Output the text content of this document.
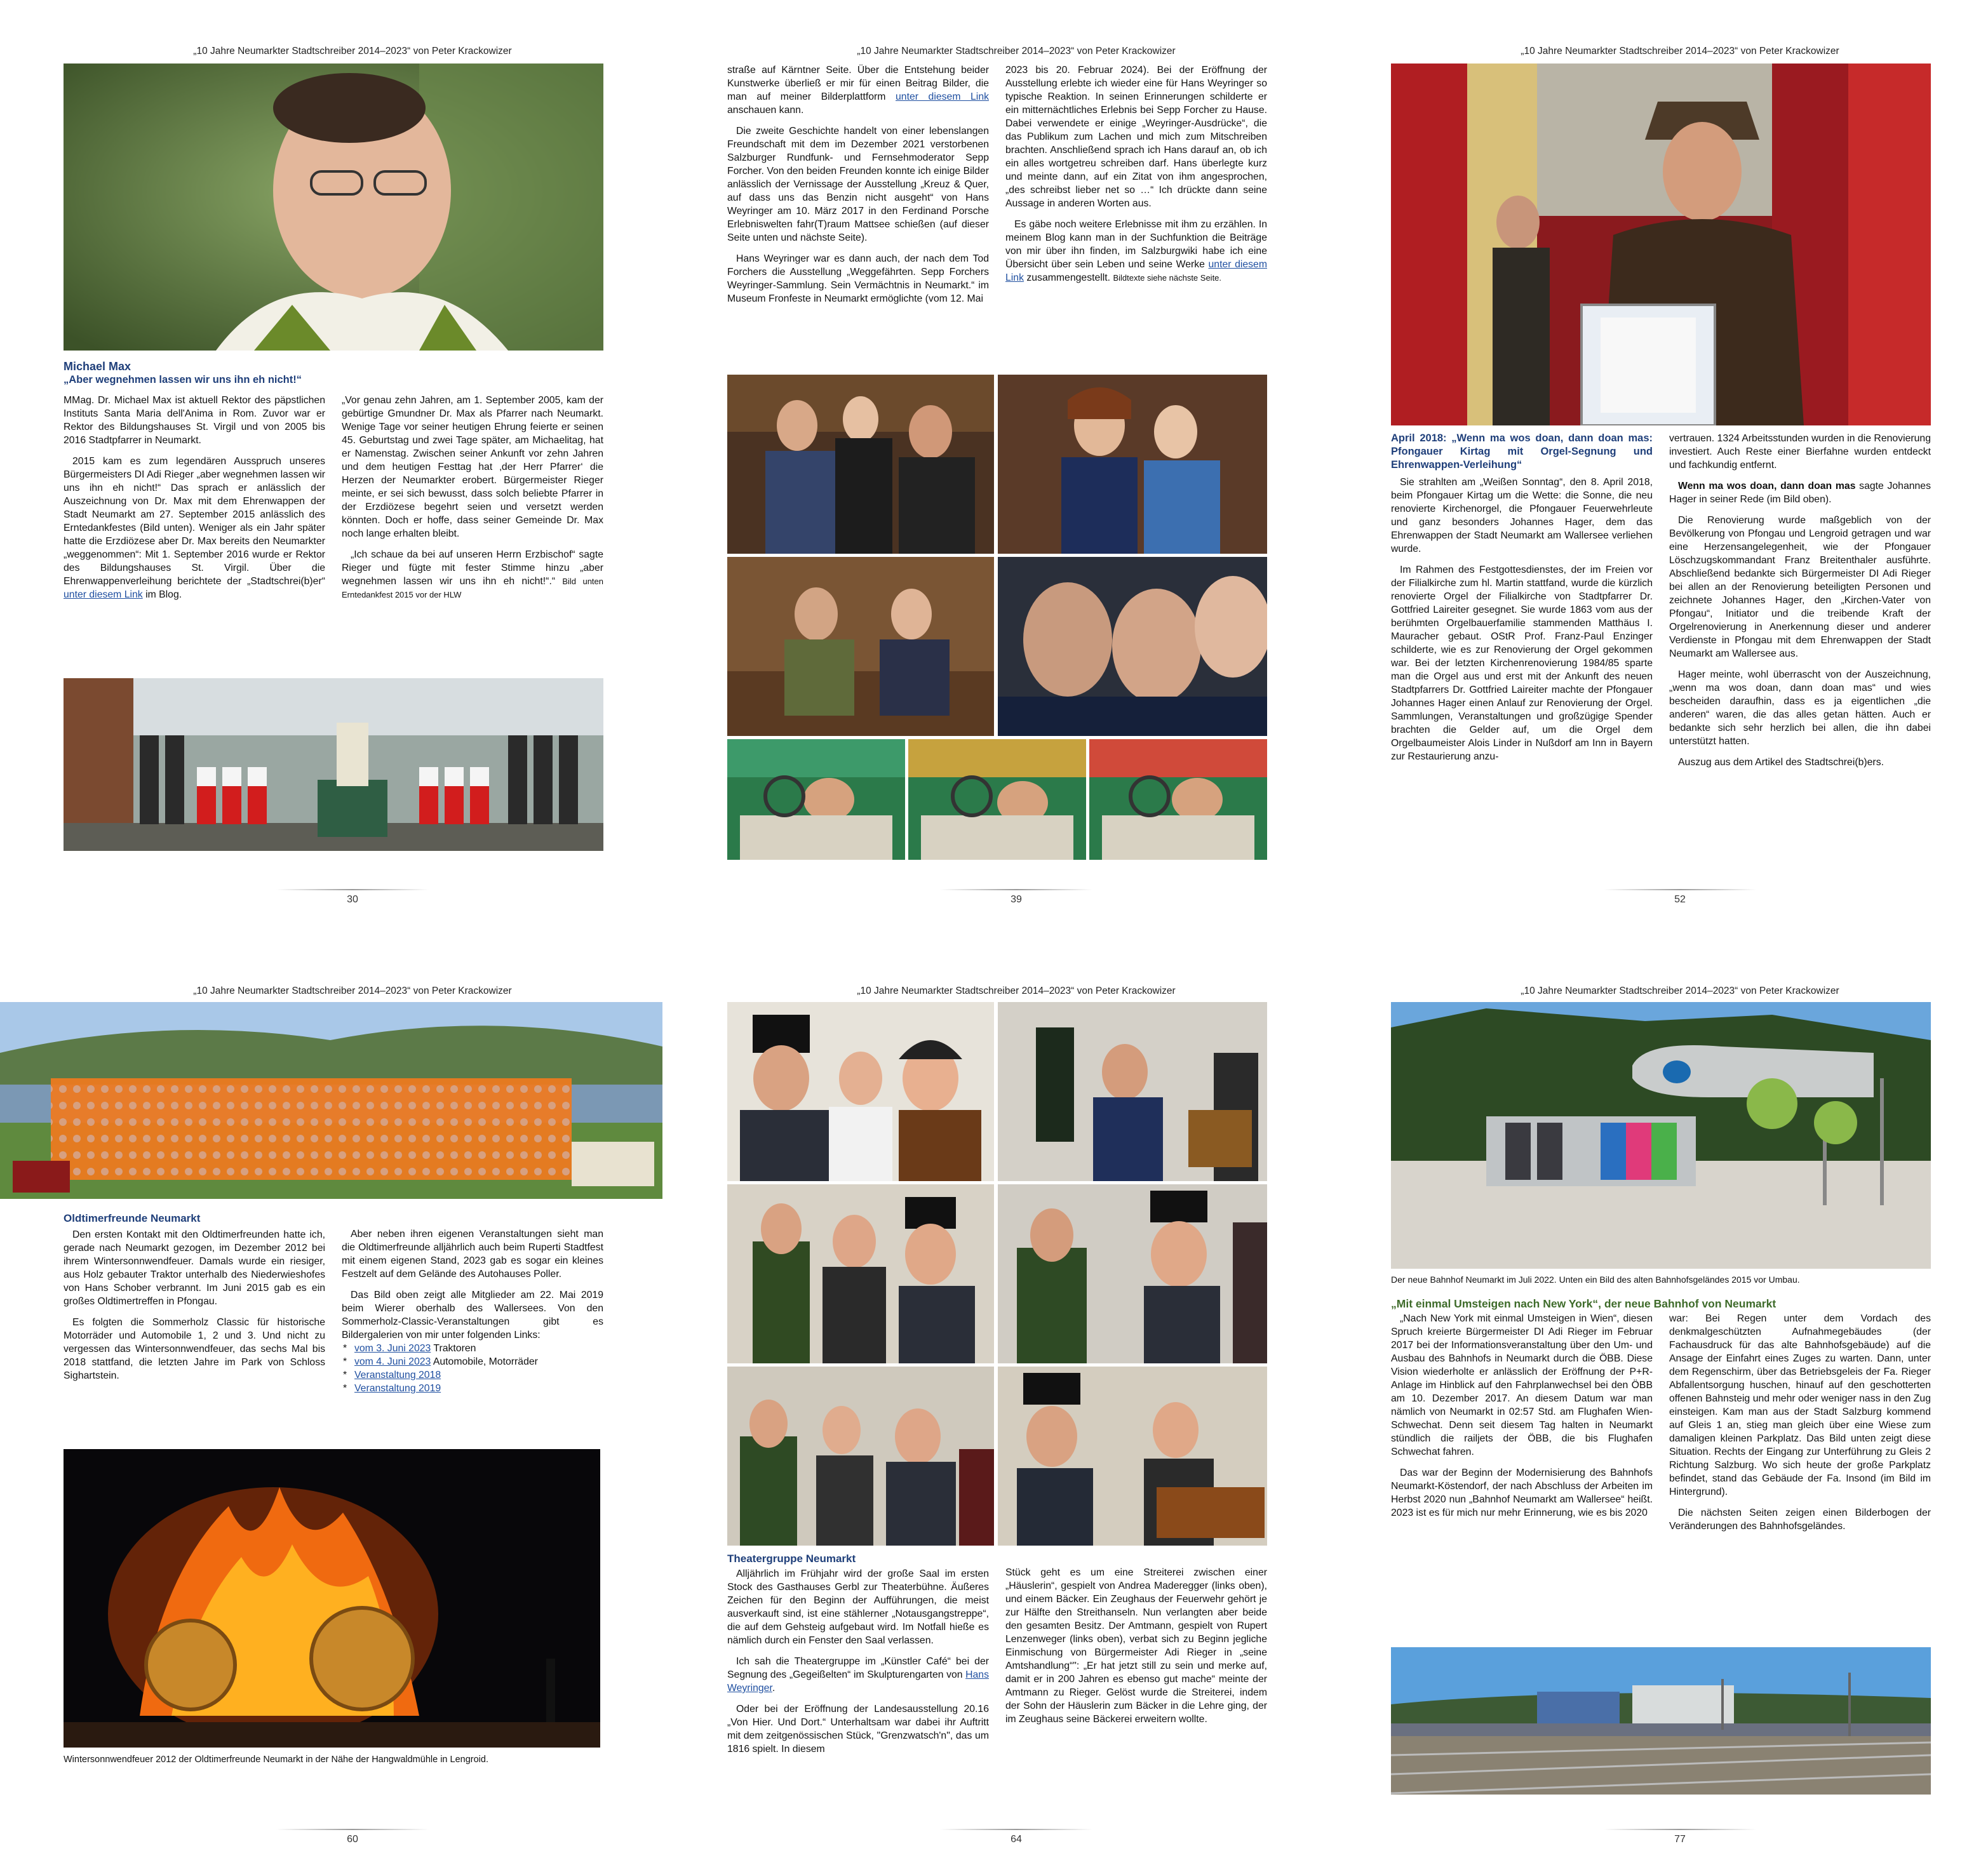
„10 Jahre Neumarkter Stadtschreiber 2014–2023“ von Peter Krackowizer
Michael Max
„Aber wegnehmen lassen wir uns ihn eh nicht!“

MMag. Dr. Michael Max ist aktuell Rektor des päpstlichen Instituts Santa Maria dell'Anima in Rom. Zuvor war er Rektor des Bildungshauses St. Virgil und von 2005 bis 2016 Stadtpfarrer in Neumarkt.

2015 kam es zum legendären Ausspruch unseres Bürgermeisters DI Adi Rieger „aber wegnehmen lassen wir uns ihn eh nicht!“ Das sprach er anlässlich der Auszeichnung von Dr. Max mit dem Ehrenwappen der Stadt Neumarkt am 27. September 2015 anlässlich des Erntedankfestes (Bild unten). Weniger als ein Jahr später hatte die Erzdiözese aber Dr. Max bereits den Neumarkter „weggenommen“: Mit 1. September 2016 wurde er Rektor des Bildungshauses St. Virgil. Über die Ehrenwappenverleihung berichtete der „Stadtschrei(b)er“ unter diesem Link im Blog.

„Vor genau zehn Jahren, am 1. September 2005, kam der gebürtige Gmundner Dr. Max als Pfarrer nach Neumarkt. Wenige Tage vor seiner heutigen Ehrung feierte er seinen 45. Geburtstag und zwei Tage später, am Michaelitag, hat er Namenstag. Zwischen seiner Ankunft vor zehn Jahren und dem heutigen Festtag hat ‚der Herr Pfarrer‘ die Herzen der Neumarkter erobert. Bürgermeister Rieger meinte, er sei sich bewusst, dass solch beliebte Pfarrer in der Erzdiözese begehrt seien und versetzt werden könnten. Doch er hoffe, dass seiner Gemeinde Dr. Max noch lange erhalten bleibt.

„Ich schaue da bei auf unseren Herrn Erzbischof“ sagte Rieger und fügte mit fester Stimme hinzu „aber wegnehmen lassen wir uns ihn eh nicht!“.“ Bild unten Erntedankfest 2015 vor der HLW

30
„10 Jahre Neumarkter Stadtschreiber 2014–2023“ von Peter Krackowizer

straße auf Kärntner Seite. Über die Entstehung beider Kunstwerke überließ er mir für einen Beitrag Bilder, die man auf meiner Bilderplattform unter diesem Link anschauen kann.

Die zweite Geschichte handelt von einer lebenslangen Freundschaft mit dem im Dezember 2021 verstorbenen Salzburger Rundfunk- und Fernsehmoderator Sepp Forcher. Von den beiden Freunden konnte ich einige Bilder anlässlich der Vernissage der Ausstellung „Kreuz & Quer, auf dass uns das Benzin nicht ausgeht“ von Hans Weyringer am 10. März 2017 in den Ferdinand Porsche Erlebniswelten fahr(T)raum Mattsee schießen (auf dieser Seite unten und nächste Seite).

Hans Weyringer war es dann auch, der nach dem Tod Forchers die Ausstellung „Weggefährten. Sepp Forchers Weyringer-Sammlung. Sein Vermächtnis in Neumarkt.“ im Museum Fronfeste in Neumarkt ermöglichte (vom 12. Mai

2023 bis 20. Februar 2024). Bei der Eröffnung der Ausstellung erlebte ich wieder eine für Hans Weyringer so typische Reaktion. In seinen Erinnerungen schilderte er ein mitternächtliches Erlebnis bei Sepp Forcher zu Hause. Dabei verwendete er einige „Weyringer-Ausdrücke“, die das Publikum zum Lachen und mich zum Mitschreiben brachten. Anschließend sprach ich Hans darauf an, ob ich ein alles wortgetreu schreiben darf. Hans überlegte kurz und meinte dann, auf ein Zitat von ihm angesprochen, „des schreibst lieber net so …“ Ich drückte dann seine Aussage in anderen Worten aus.

Es gäbe noch weitere Erlebnisse mit ihm zu erzählen. In meinem Blog kann man in der Suchfunktion die Beiträge von mir über ihn finden, im Salzburgwiki habe ich eine Übersicht über sein Leben und seine Werke unter diesem Link zusammengestellt. Bildtexte siehe nächste Seite.

39
„10 Jahre Neumarkter Stadtschreiber 2014–2023“ von Peter Krackowizer
April 2018: „Wenn ma wos doan, dann doan mas: Pfongauer Kirtag mit Orgel-Segnung und Ehrenwappen-Verleihung“

Sie strahlten am „Weißen Sonntag“, den 8. April 2018, beim Pfongauer Kirtag um die Wette: die Sonne, die neu renovierte Kirchenorgel, die Pfongauer Feuerwehrleute und ganz besonders Johannes Hager, dem das Ehrenwappen der Stadt Neumarkt am Wallersee verliehen wurde.

Im Rahmen des Festgottesdienstes, der im Freien vor der Filialkirche zum hl. Martin stattfand, wurde die kürzlich renovierte Orgel der Filialkirche von Stadtpfarrer Dr. Gottfried Laireiter gesegnet. Sie wurde 1863 vom aus der berühmten Orgelbauerfamilie stammenden Matthäus I. Mauracher gebaut. OStR Prof. Franz-Paul Enzinger schilderte, wie es zur Renovierung der Orgel gekommen war. Bei der letzten Kirchenrenovierung 1984/85 sparte man die Orgel aus und erst mit der Ankunft des neuen Stadtpfarrers Dr. Gottfried Laireiter machte der Pfongauer Johannes Hager einen Anlauf zur Renovierung der Orgel. Sammlungen, Veranstaltungen und großzügige Spender brachten die Gelder auf, um die Orgel dem Orgelbaumeister Alois Linder in Nußdorf am Inn in Bayern zur Restaurierung anzu-

vertrauen. 1324 Arbeitsstunden wurden in die Renovierung investiert. Auch Reste einer Bierfahne wurden entdeckt und fachkundig entfernt.

Wenn ma wos doan, dann doan mas sagte Johannes Hager in seiner Rede (im Bild oben).

Die Renovierung wurde maßgeblich von der Bevölkerung von Pfongau und Lengroid getragen und war eine Herzensangelegenheit, wie der Pfongauer Löschzugskommandant Franz Breitenthaler ausführte. Abschließend bedankte sich Bürgermeister DI Adi Rieger bei allen an der Renovierung beteiligten Personen und zeichnete Johannes Hager, den „Kirchen-Vater von Pfongau“, Initiator und die treibende Kraft der Orgelrenovierung in Anerkennung dieser und anderer Verdienste in Pfongau mit dem Ehrenwappen der Stadt Neumarkt am Wallersee aus.

Hager meinte, wohl überrascht von der Auszeichnung, „wenn ma wos doan, dann doan mas“ und wies bescheiden daraufhin, dass es ja eigentlichen „die anderen“ waren, die das alles getan hätten. Auch er bedankte sich sehr herzlich bei allen, die ihn dabei unterstützt hatten.

Auszug aus dem Artikel des Stadtschrei(b)ers.

52
„10 Jahre Neumarkter Stadtschreiber 2014–2023“ von Peter Krackowizer
Oldtimerfreunde Neumarkt

Den ersten Kontakt mit den Oldtimerfreunden hatte ich, gerade nach Neumarkt gezogen, im Dezember 2012 bei ihrem Wintersonnwendfeuer. Damals wurde ein riesiger, aus Holz gebauter Traktor unterhalb des Niederwieshofes von Hans Schober verbrannt. Im Juni 2015 gab es ein großes Oldtimertreffen in Pfongau.

Es folgten die Sommerholz Classic für historische Motorräder und Automobile 1, 2 und 3. Und nicht zu vergessen das Wintersonnwendfeuer, das sechs Mal bis 2018 stattfand, die letzten Jahre im Park von Schloss Sighartstein.

Aber neben ihren eigenen Veranstaltungen sieht man die Oldtimerfreunde alljährlich auch beim Ruperti Stadtfest mit einem eigenen Stand, 2023 gab es sogar ein kleines Festzelt auf dem Gelände des Autohauses Poller.

Das Bild oben zeigt alle Mitglieder am 22. Mai 2019 beim Wierer oberhalb des Wallersees. Von den Sommerholz-Classic-Veranstaltungen gibt es Bildergalerien von mir unter folgenden Links:

* vom 3. Juni 2023 Traktoren
* vom 4. Juni 2023 Automobile, Motorräder
* Veranstaltung 2018
* Veranstaltung 2019
Wintersonnwendfeuer 2012 der Oldtimerfreunde Neumarkt in der Nähe der Hangwaldmühle in Lengroid.
60
„10 Jahre Neumarkter Stadtschreiber 2014–2023“ von Peter Krackowizer
Theatergruppe Neumarkt

Alljährlich im Frühjahr wird der große Saal im ersten Stock des Gasthauses Gerbl zur Theaterbühne. Äußeres Zeichen für den Beginn der Aufführungen, die meist ausverkauft sind, ist eine stählerner „Notausgangstreppe“, die auf dem Gehsteig aufgebaut wird. Im Notfall hieße es nämlich durch ein Fenster den Saal verlassen.

Ich sah die Theatergruppe im „Künstler Café“ bei der Segnung des „Gegeißelten“ im Skulpturengarten von Hans Weyringer.

Oder bei der Eröffnung der Landesausstellung 20.16 „Von Hier. Und Dort.“ Unterhaltsam war dabei ihr Auftritt mit dem zeitgenössischen Stück, "Grenzwatsch'n", das um 1816 spielt. In diesem

Stück geht es um eine Streiterei zwischen einer „Häuslerin“, gespielt von Andrea Maderegger (links oben), und einem Bäcker. Ein Zeughaus der Feuerwehr gehört je zur Hälfte den Streithanseln. Nun verlangten aber beide den gesamten Besitz. Der Amtmann, gespielt von Rupert Lenzenweger (links oben), verbat sich zu Beginn jegliche Einmischung von Bürgermeister Adi Rieger in „seine Amtshandlung“": „Er hat jetzt still zu sein und merke auf, damit er in 200 Jahren es ebenso gut mache“ meinte der Amtmann zu Rieger. Gelöst wurde die Streiterei, indem der Sohn der Häuslerin zum Bäcker in die Lehre ging, der im Zeughaus seine Bäckerei erweitern wollte.

64
„10 Jahre Neumarkter Stadtschreiber 2014–2023“ von Peter Krackowizer
Der neue Bahnhof Neumarkt im Juli 2022. Unten ein Bild des alten Bahnhofsgeländes 2015 vor Umbau.
„Mit einmal Umsteigen nach New York“, der neue Bahnhof von Neumarkt

„Nach New York mit einmal Umsteigen in Wien“, diesen Spruch kreierte Bürgermeister DI Adi Rieger im Februar 2017 bei der Informationsveranstaltung über den Um- und Ausbau des Bahnhofs in Neumarkt durch die ÖBB. Diese Vision wiederholte er anlässlich der Eröffnung der P+R-Anlage im Hinblick auf den Fahrplanwechsel bei den ÖBB am 10. Dezember 2017. An diesem Datum war man nämlich von Neumarkt in 02:57 Std. am Flughafen Wien-Schwechat. Denn seit diesem Tag halten in Neumarkt stündlich die railjets der ÖBB, die bis Flughafen Schwechat fahren.

Das war der Beginn der Modernisierung des Bahnhofs Neumarkt-Köstendorf, der nach Abschluss der Arbeiten im Herbst 2020 nun „Bahnhof Neumarkt am Wallersee“ heißt. 2023 ist es für mich nur mehr Erinnerung, wie es bis 2020

war: Bei Regen unter dem Vordach des denkmalgeschützten Aufnahmegebäudes (der Fachausdruck für das alte Bahnhofsgebäude) auf die Ansage der Einfahrt eines Zuges zu warten. Dann, unter dem Regenschirm, über das Betriebsgeleis der Fa. Rieger Abfallentsorgung huschen, hinauf auf den geschotterten offenen Bahnsteig und mehr oder weniger nass in den Zug einsteigen. Kam man aus der Stadt Salzburg kommend auf Gleis 1 an, stieg man gleich über eine Wiese zum damaligen kleinen Parkplatz. Das Bild unten zeigt diese Situation. Rechts der Eingang zur Unterführung zu Gleis 2 Richtung Salzburg. Wo sich heute der große Parkplatz befindet, stand das Gebäude der Fa. Insond (im Bild im Hintergrund).

Die nächsten Seiten zeigen einen Bilderbogen der Veränderungen des Bahnhofsgeländes.

77
